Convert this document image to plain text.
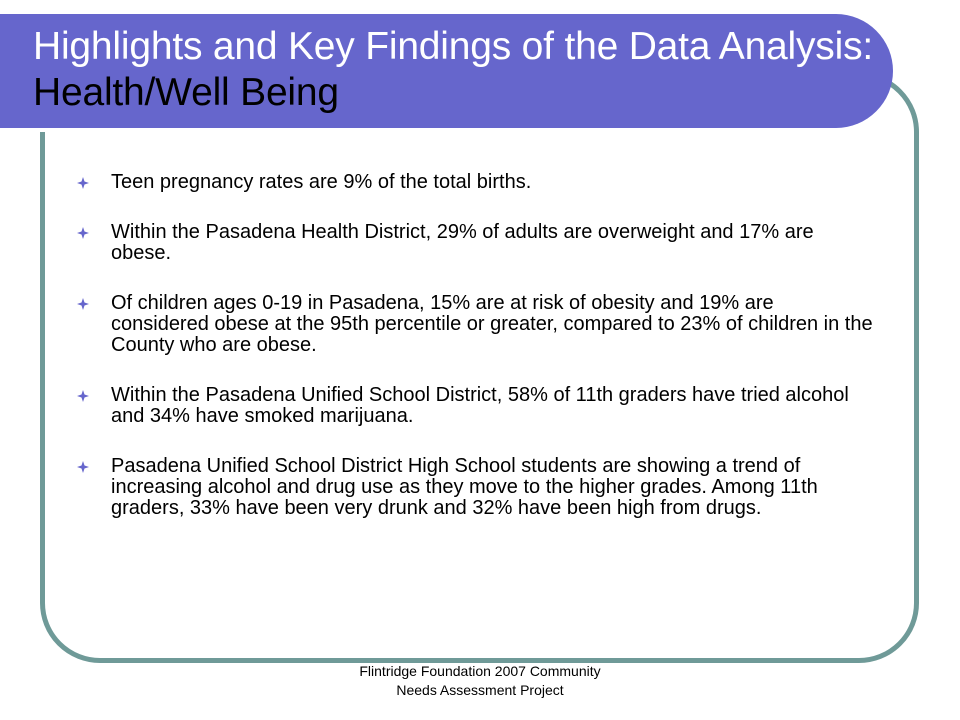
Highlights and Key Findings of the Data Analysis: Health/Well Being
Teen pregnancy rates are 9% of the total births.
Within the Pasadena Health District, 29% of adults are overweight and 17% are obese.
Of children ages 0-19 in Pasadena, 15% are at risk of obesity and 19% are considered obese at the 95th percentile or greater, compared to 23% of children in the County who are obese.
Within the Pasadena Unified School District, 58% of 11th graders have tried alcohol and 34% have smoked marijuana.
Pasadena Unified School District High School students are showing a trend of increasing alcohol and drug use as they move to the higher grades. Among 11th graders, 33% have been very drunk and 32% have been high from drugs.
Flintridge Foundation 2007 Community
Needs Assessment Project
